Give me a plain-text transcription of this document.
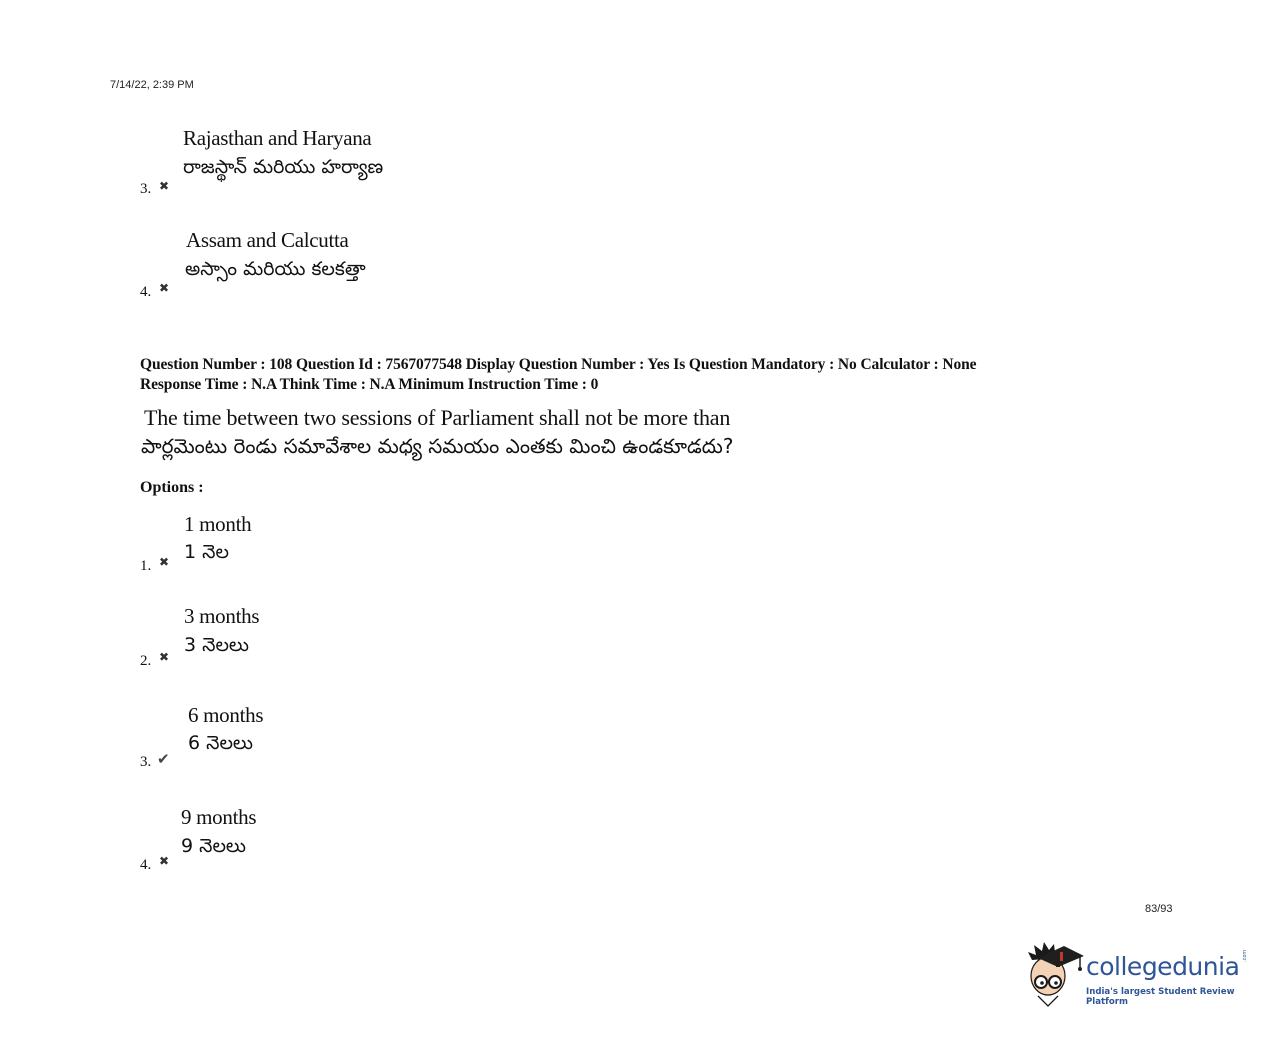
7/14/22, 2:39 PM
Rajasthan and Haryana
రాజస్థాన్ మరియు హర్యాణ
3. ✖
Assam and Calcutta
అస్సాం మరియు కలకత్తా
4. ✖
Question Number : 108 Question Id : 7567077548 Display Question Number : Yes Is Question Mandatory : No Calculator : None
Response Time : N.A Think Time : N.A Minimum Instruction Time : 0
The time between two sessions of Parliament shall not be more than
పార్లమెంటు రెండు సమావేశాల మధ్య సమయం ఎంతకు మించి ఉండకూడదు?
Options :
1 month
1 నెల
1. ✖
3 months
3 నెలలు
2. ✖
6 months
6 నెలలు
3. ✔
9 months
9 నెలలు
4. ✖
83/93
collegedunia .com
India's largest Student Review Platform
